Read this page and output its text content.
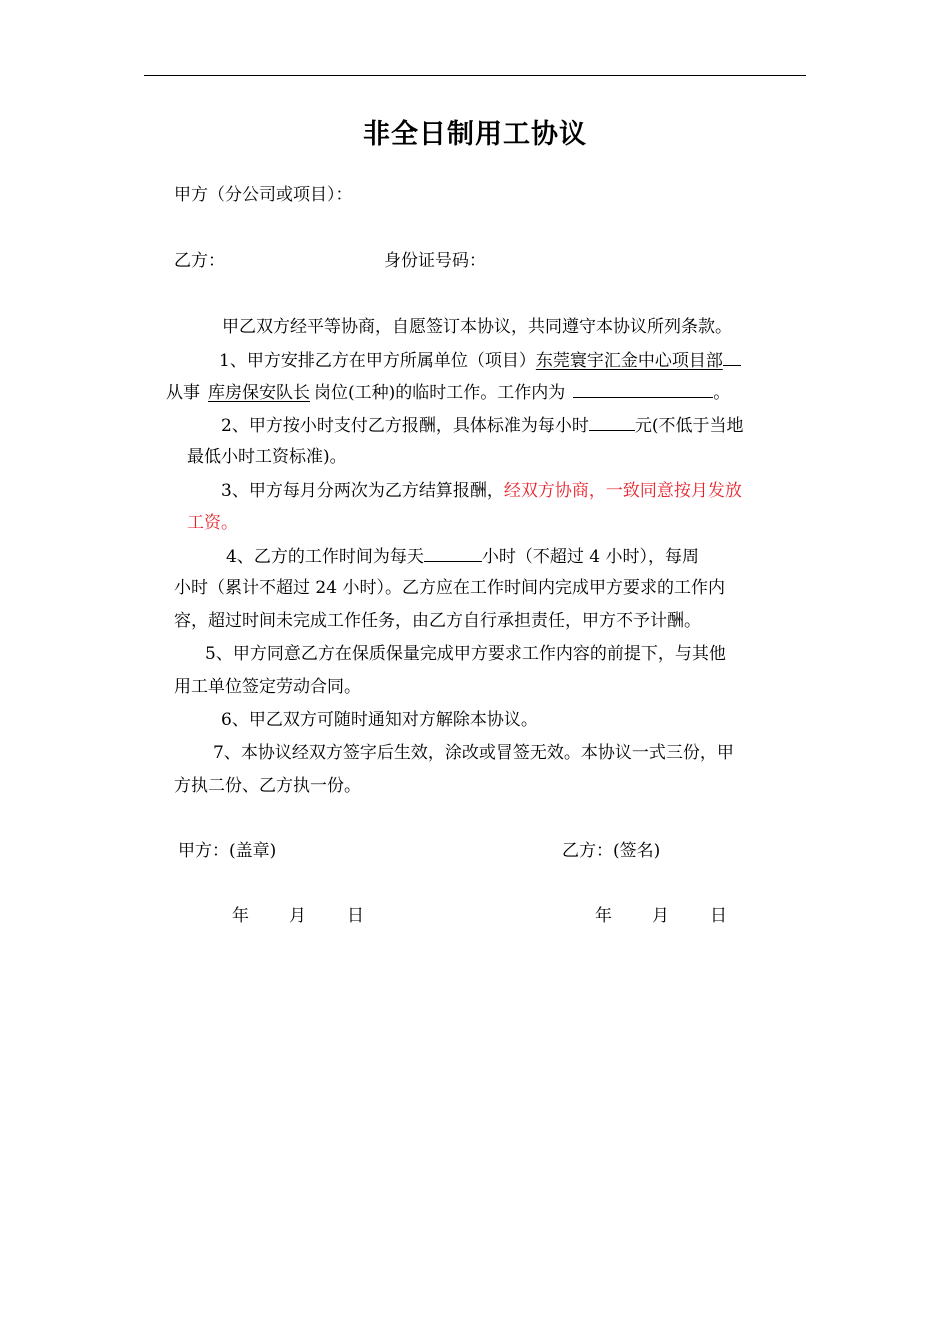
非全日制用工协议
甲方（分公司或项目）：
乙方：	身份证号码：
甲乙双方经平等协商，自愿签订本协议，共同遵守本协议所列条款。
1、甲方安排乙方在甲方所属单位（项目）东莞寰宇汇金中心项目部
从事 库房保安队长 岗位(工种)的临时工作。工作内为	。
2、甲方按小时支付乙方报酬，具体标准为每小时	元(不低于当地
最低小时工资标准)。
3、甲方每月分两次为乙方结算报酬，经双方协商，一致同意按月发放
工资。
4、乙方的工作时间为每天	小时（不超过 4 小时），每周
小时（累计不超过 24 小时）。乙方应在工作时间内完成甲方要求的工作内
容，超过时间未完成工作任务，由乙方自行承担责任，甲方不予计酬。
5、甲方同意乙方在保质保量完成甲方要求工作内容的前提下，与其他
用工单位签定劳动合同。
6、甲乙双方可随时通知对方解除本协议。
7、本协议经双方签字后生效，涂改或冒签无效。本协议一式三份，甲
方执二份、乙方执一份。
甲方：(盖章)	乙方：(签名)
年 月 日	年 月 日
